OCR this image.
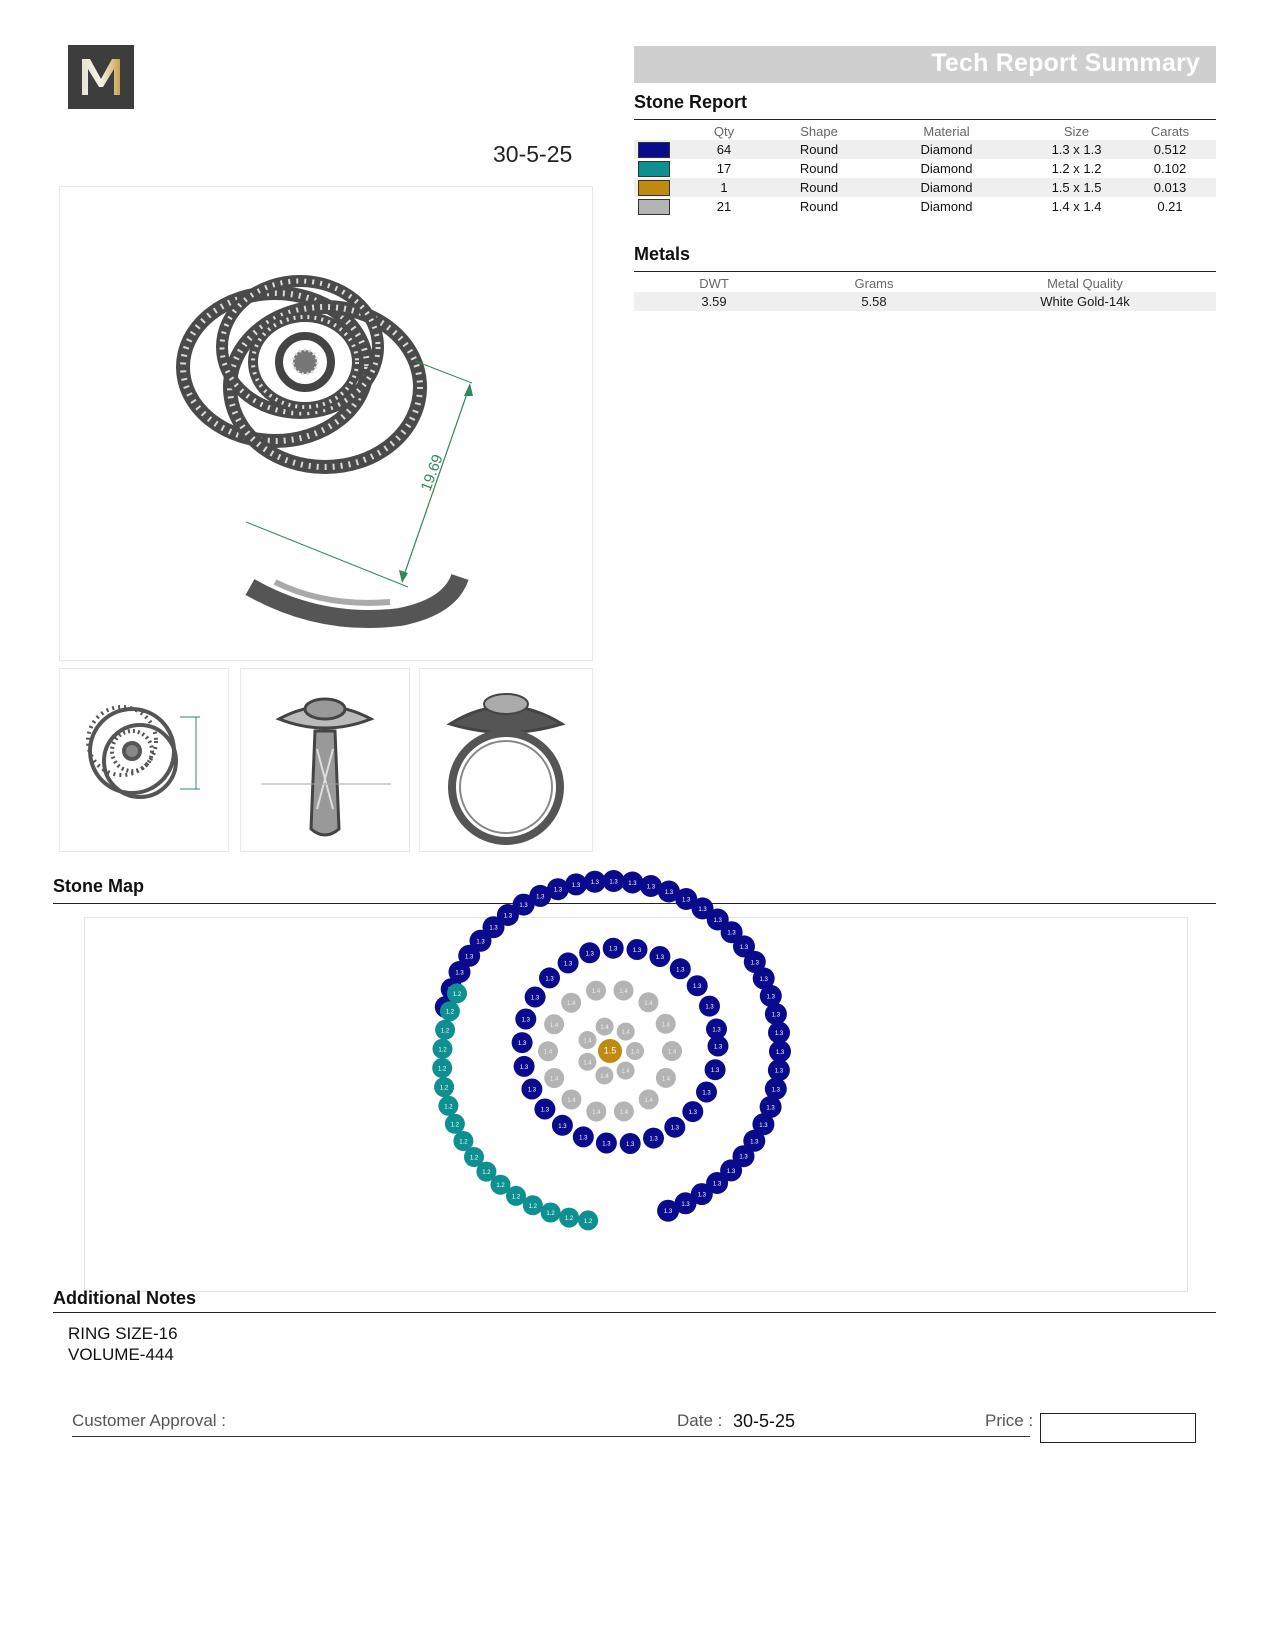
Tech Report Summary
30-5-25
Stone Report
	Qty	Shape	Material	Size	Carats
	64	Round	Diamond	1.3 x 1.3	0.512
	17	Round	Diamond	1.2 x 1.2	0.102
	1	Round	Diamond	1.5 x 1.5	0.013
	21	Round	Diamond	1.4 x 1.4	0.21
Metals
DWT	Grams	Metal Quality
3.59	5.58	White Gold-14k
19.69
Stone Map
1.3
1.3
1.3
1.3
1.3
1.3
1.3
1.3
1.3 1.3 1.3 1.3
1.3
1.3
1.3
1.3
1.3
1.3
1.3
1.3
1.3
1.3
1.3
1.3
1.3
1.3
1.3
1.3
1.3
1.3
1.3
1.3
1.3
1.3
1.3
1.3
1.2
1.2
1.2
1.2
1.2
1.2
1.2
1.2
1.2
1.2
1.2
1.2
1.2
1.2
1.2
1.2
1.2
1.3
1.3
1.3
1.3
1.3
1.3
1.3
1.3
1.3
1.3
1.3
1.3
1.3
1.3
1.3
1.3
1.3
1.3
1.3
1.3	1.3
1.3
1.3
1.3
1.3
1.3
1.4
1.4
1.4
1.4
1.4
1.4
1.4
1.4
1.4
1.4
1.4	1.4
1.4
1.4
1.4
1.4
1.4
1.4
1.4
1.4
1.4
1.5
Additional Notes
RING SIZE-16
VOLUME-444
Customer Approval :	Date : 30-5-25	Price :
